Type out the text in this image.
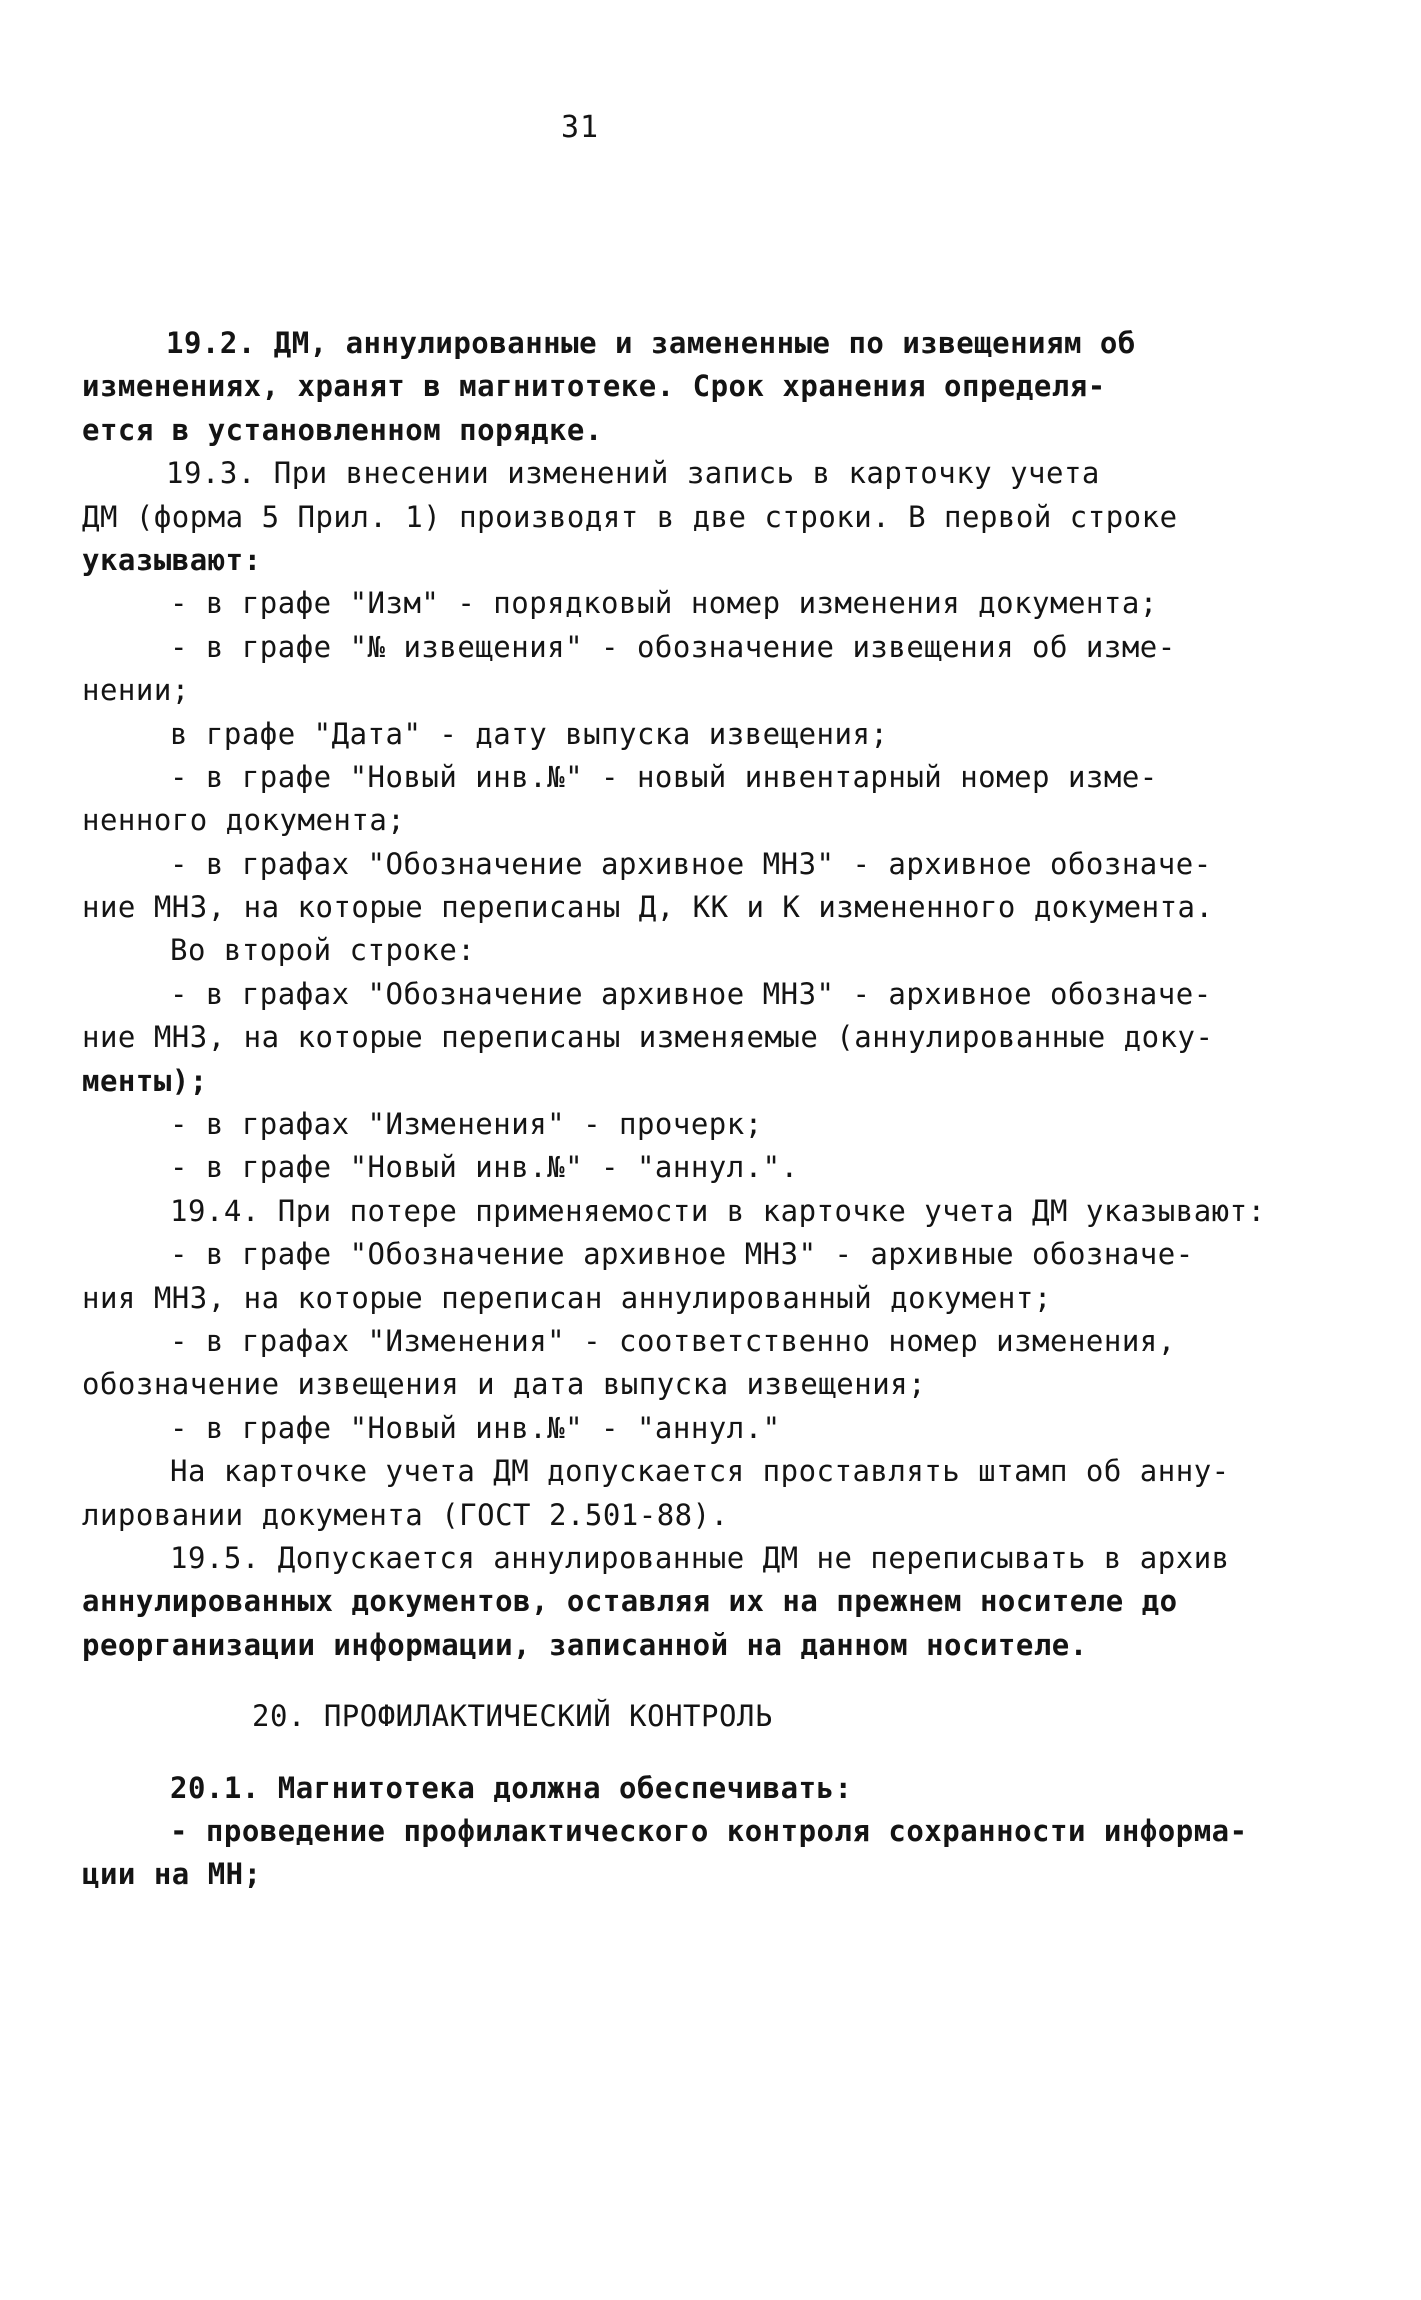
31
19.2. ДМ, аннулированные и замененные по извещениям об
изменениях, хранят в магнитотеке. Срок хранения определя-
ется в установленном порядке.
19.3. При внесении изменений запись в карточку учета
ДМ (форма 5 Прил. 1) производят в две строки. В первой строке
указывают:
- в графе "Изм" - порядковый номер изменения документа;
- в графе "№ извещения" - обозначение извещения об изме-
нении;
в графе "Дата" - дату выпуска извещения;
- в графе "Новый инв.№" - новый инвентарный номер изме-
ненного документа;
- в графах "Обозначение архивное МНЗ" - архивное обозначе-
ние МНЗ, на которые переписаны Д, КК и К измененного документа.
Во второй строке:
- в графах "Обозначение архивное МНЗ" - архивное обозначе-
ние МНЗ, на которые переписаны изменяемые (аннулированные доку-
менты);
- в графах "Изменения" - прочерк;
- в графе "Новый инв.№" - "аннул.".
19.4. При потере применяемости в карточке учета ДМ указывают:
- в графе "Обозначение архивное МНЗ" - архивные обозначе-
ния МНЗ, на которые переписан аннулированный документ;
- в графах "Изменения" - соответственно номер изменения,
обозначение извещения и дата выпуска извещения;
- в графе "Новый инв.№" - "аннул."
На карточке учета ДМ допускается проставлять штамп об анну-
лировании документа (ГОСТ 2.501-88).
19.5. Допускается аннулированные ДМ не переписывать в архив
аннулированных документов, оставляя их на прежнем носителе до
реорганизации информации, записанной на данном носителе.
20. ПРОФИЛАКТИЧЕСКИЙ КОНТРОЛЬ
20.1. Магнитотека должна обеспечивать:
- проведение профилактического контроля сохранности информа-
ции на МН;
